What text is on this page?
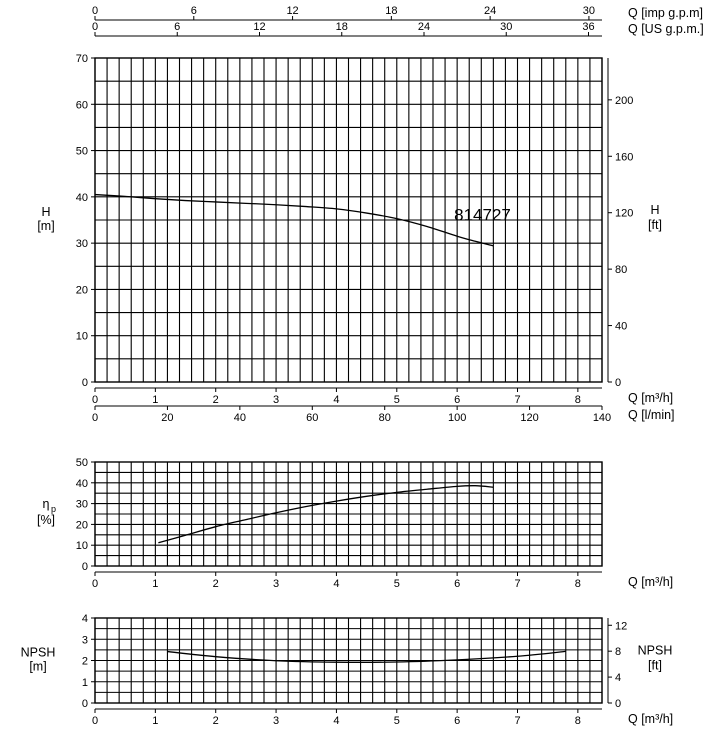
0
10
20
30
40
50
60
70
0	1	2	3	4	5	6	7	8	Q [m³/h]
0	20	40	60	80	100	120	140 Q [l/min]
0	6	12	18	24	30	Q [imp g.p.m]
0	6	12	18	24	30	36	Q [US g.p.m.]
0
40
80
120
160
200
H
[ft]
H
[m]
814727
0
10
20
30
40
50
0	1	2	3	4	5	6	7	8	Q [m³/h]
η p
[%]
0
1
2
3
4
0	1	2	3	4	5	6	7	8	Q [m³/h]
0
4
8
12
NPSH
[ft]
NPSH
[m]
